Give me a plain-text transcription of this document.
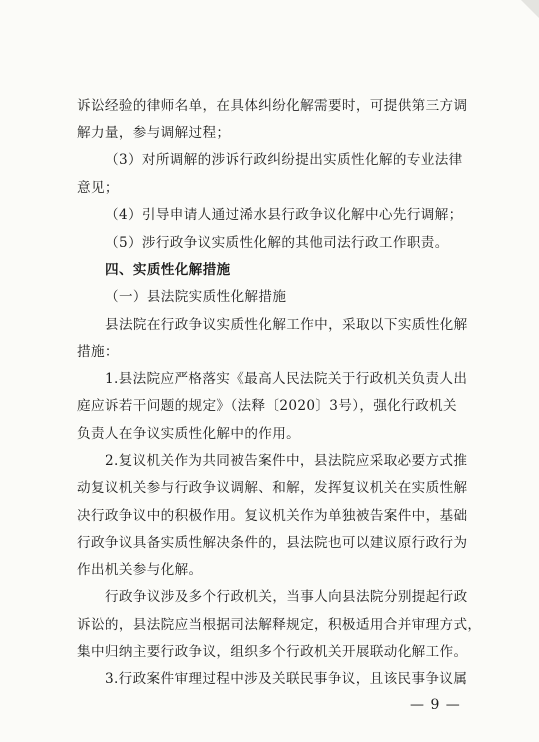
诉讼经验的律师名单，在具体纠纷化解需要时，可提供第三方调
解力量，参与调解过程；
（3）对所调解的涉诉行政纠纷提出实质性化解的专业法律
意见；
（4）引导申请人通过浠水县行政争议化解中心先行调解；
（5）涉行政争议实质性化解的其他司法行政工作职责。
四、实质性化解措施
（一）县法院实质性化解措施
县法院在行政争议实质性化解工作中，采取以下实质性化解
措施：
1.县法院应严格落实《最高人民法院关于行政机关负责人出
庭应诉若干问题的规定》（法释〔2020〕3号），强化行政机关
负责人在争议实质性化解中的作用。
2.复议机关作为共同被告案件中，县法院应采取必要方式推
动复议机关参与行政争议调解、和解，发挥复议机关在实质性解
决行政争议中的积极作用。复议机关作为单独被告案件中，基础
行政争议具备实质性解决条件的，县法院也可以建议原行政行为
作出机关参与化解。
行政争议涉及多个行政机关，当事人向县法院分别提起行政
诉讼的，县法院应当根据司法解释规定，积极适用合并审理方式，
集中归纳主要行政争议，组织多个行政机关开展联动化解工作。
3.行政案件审理过程中涉及关联民事争议，且该民事争议属
— 9 —
